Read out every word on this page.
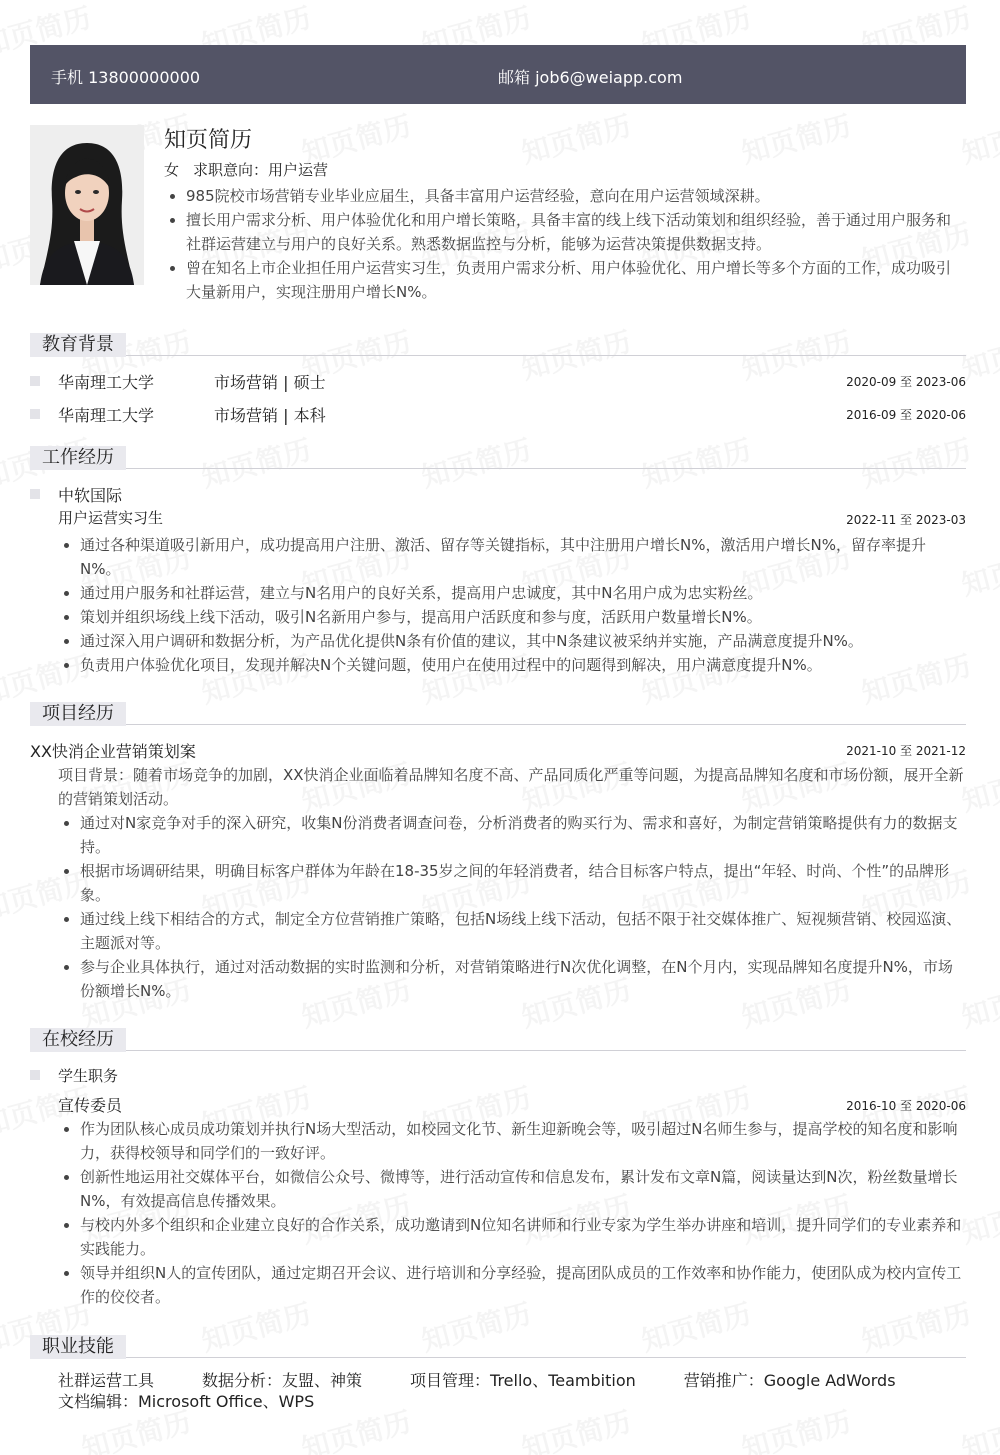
手机 13800000000	邮箱 job6@weiapp.com
知页简历
女 求职意向：用户运营
• 985院校市场营销专业毕业应届生，具备丰富用户运营经验，意向在用户运营领域深耕。
• 擅长用户需求分析、用户体验优化和用户增长策略，具备丰富的线上线下活动策划和组织经验，善于通过用户服务和社群运营建立与用户的良好关系。熟悉数据监控与分析，能够为运营决策提供数据支持。
• 曾在知名上市企业担任用户运营实习生，负责用户需求分析、用户体验优化、用户增长等多个方面的工作，成功吸引大量新用户，实现注册用户增长N%。
教育背景
华南理工大学	市场营销 | 硕士	2020-09 至 2023-06
华南理工大学	市场营销 | 本科	2016-09 至 2020-06
工作经历
中软国际
用户运营实习生	2022-11 至 2023-03
• 通过各种渠道吸引新用户，成功提高用户注册、激活、留存等关键指标，其中注册用户增长N%，激活用户增长N%，留存率提升N%。
• 通过用户服务和社群运营，建立与N名用户的良好关系，提高用户忠诚度，其中N名用户成为忠实粉丝。
• 策划并组织场线上线下活动，吸引N名新用户参与，提高用户活跃度和参与度，活跃用户数量增长N%。
• 通过深入用户调研和数据分析，为产品优化提供N条有价值的建议，其中N条建议被采纳并实施，产品满意度提升N%。
• 负责用户体验优化项目，发现并解决N个关键问题，使用户在使用过程中的问题得到解决，用户满意度提升N%。
项目经历
XX快消企业营销策划案	2021-10 至 2021-12
项目背景：随着市场竞争的加剧，XX快消企业面临着品牌知名度不高、产品同质化严重等问题，为提高品牌知名度和市场份额，展开全新的营销策划活动。
• 通过对N家竞争对手的深入研究，收集N份消费者调查问卷，分析消费者的购买行为、需求和喜好，为制定营销策略提供有力的数据支持。
• 根据市场调研结果，明确目标客户群体为年龄在18-35岁之间的年轻消费者，结合目标客户特点，提出“年轻、时尚、个性”的品牌形象。
• 通过线上线下相结合的方式，制定全方位营销推广策略，包括N场线上线下活动，包括不限于社交媒体推广、短视频营销、校园巡演、主题派对等。
• 参与企业具体执行，通过对活动数据的实时监测和分析，对营销策略进行N次优化调整，在N个月内，实现品牌知名度提升N%，市场份额增长N%。
在校经历
学生职务
宣传委员	2016-10 至 2020-06
• 作为团队核心成员成功策划并执行N场大型活动，如校园文化节、新生迎新晚会等，吸引超过N名师生参与，提高学校的知名度和影响力，获得校领导和同学们的一致好评。
• 创新性地运用社交媒体平台，如微信公众号、微博等，进行活动宣传和信息发布，累计发布文章N篇，阅读量达到N次，粉丝数量增长N%，有效提高信息传播效果。
• 与校内外多个组织和企业建立良好的合作关系，成功邀请到N位知名讲师和行业专家为学生举办讲座和培训，提升同学们的专业素养和实践能力。
• 领导并组织N人的宣传团队，通过定期召开会议、进行培训和分享经验，提高团队成员的工作效率和协作能力，使团队成为校内宣传工作的佼佼者。
职业技能
社群运营工具	数据分析：友盟、神策	项目管理：Trello、Teambition	营销推广：Google AdWords
文档编辑：Microsoft Office、WPS
